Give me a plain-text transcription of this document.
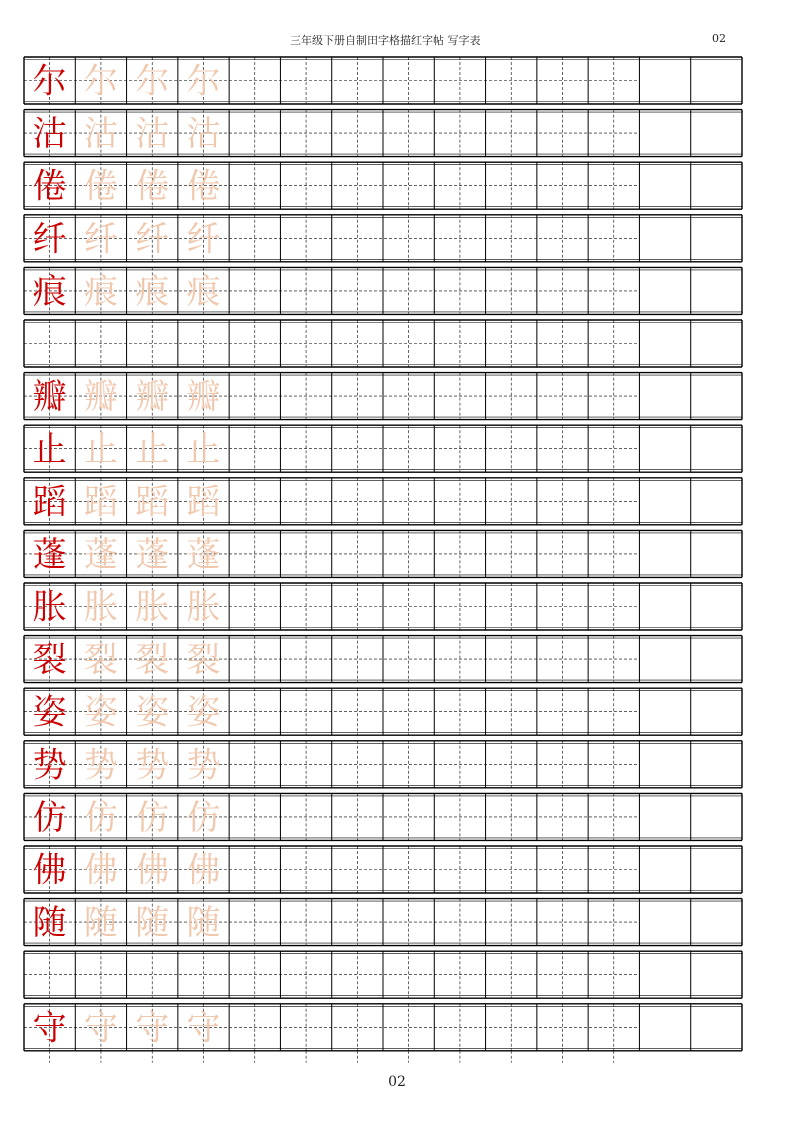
三年级下册自制田字格描红字帖 写字表	02
尔 尔 尔 尔
沽 沽 沽 沽
倦 倦 倦 倦
纤 纤 纤 纤
痕 痕 痕 痕
瓣 瓣 瓣 瓣
止 止 止 止
蹈 蹈 蹈 蹈
蓬 蓬 蓬 蓬
胀 胀 胀 胀
裂 裂 裂 裂
姿 姿 姿 姿
势 势 势 势
仿 仿 仿 仿
佛 佛 佛 佛
随 随 随 随
守 守 守 守
02
